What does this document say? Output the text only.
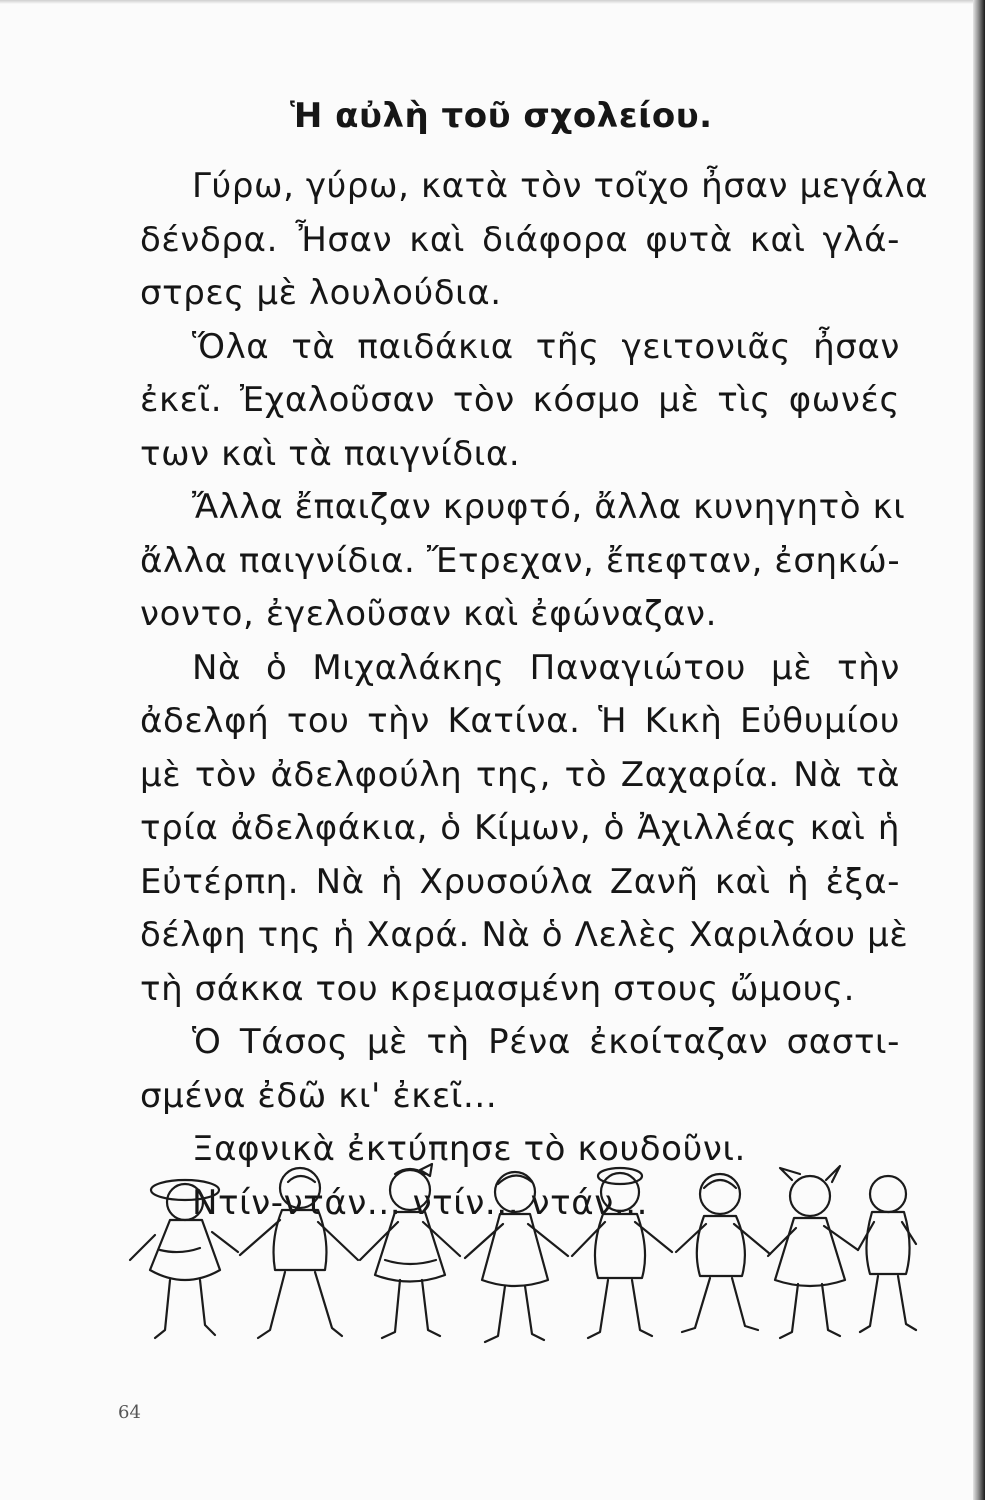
Ἡ αὐλὴ τοῦ σχολείου.
Γύρω, γύρω, κατὰ τὸν τοῖχο ἦσαν μεγάλα
δένδρα. Ἦσαν καὶ διάφορα φυτὰ καὶ γλά-
στρες μὲ λουλούδια.
Ὅλα τὰ παιδάκια τῆς γειτονιᾶς ἦσαν
ἐκεῖ. Ἐχαλοῦσαν τὸν κόσμο μὲ τὶς φωνές
των καὶ τὰ παιγνίδια.
Ἄλλα ἔπαιζαν κρυφτό, ἄλλα κυνηγητὸ κι
ἄλλα παιγνίδια. Ἔτρεχαν, ἔπεφταν, ἐσηκώ-
νοντο, ἐγελοῦσαν καὶ ἐφώναζαν.
Νὰ ὁ Μιχαλάκης Παναγιώτου μὲ τὴν
ἀδελφή του τὴν Κατίνα. Ἡ Κικὴ Εὐθυμίου
μὲ τὸν ἀδελφούλη της, τὸ Ζαχαρία. Νὰ τὰ
τρία ἀδελφάκια, ὁ Κίμων, ὁ Ἀχιλλέας καὶ ἡ
Εὐτέρπη. Νὰ ἡ Χρυσούλα Ζανῆ καὶ ἡ ἐξα-
δέλφη της ἡ Χαρά. Νὰ ὁ Λελὲς Χαριλάου μὲ
τὴ σάκκα του κρεμασμένη στους ὤμους.
Ὁ Τάσος μὲ τὴ Ρένα ἐκοίταζαν σαστι-
σμένα ἐδῶ κι' ἐκεῖ...
Ξαφνικὰ ἐκτύπησε τὸ κουδοῦνι.
Ντίν-ντάν... ντίν... ντάν...
64
